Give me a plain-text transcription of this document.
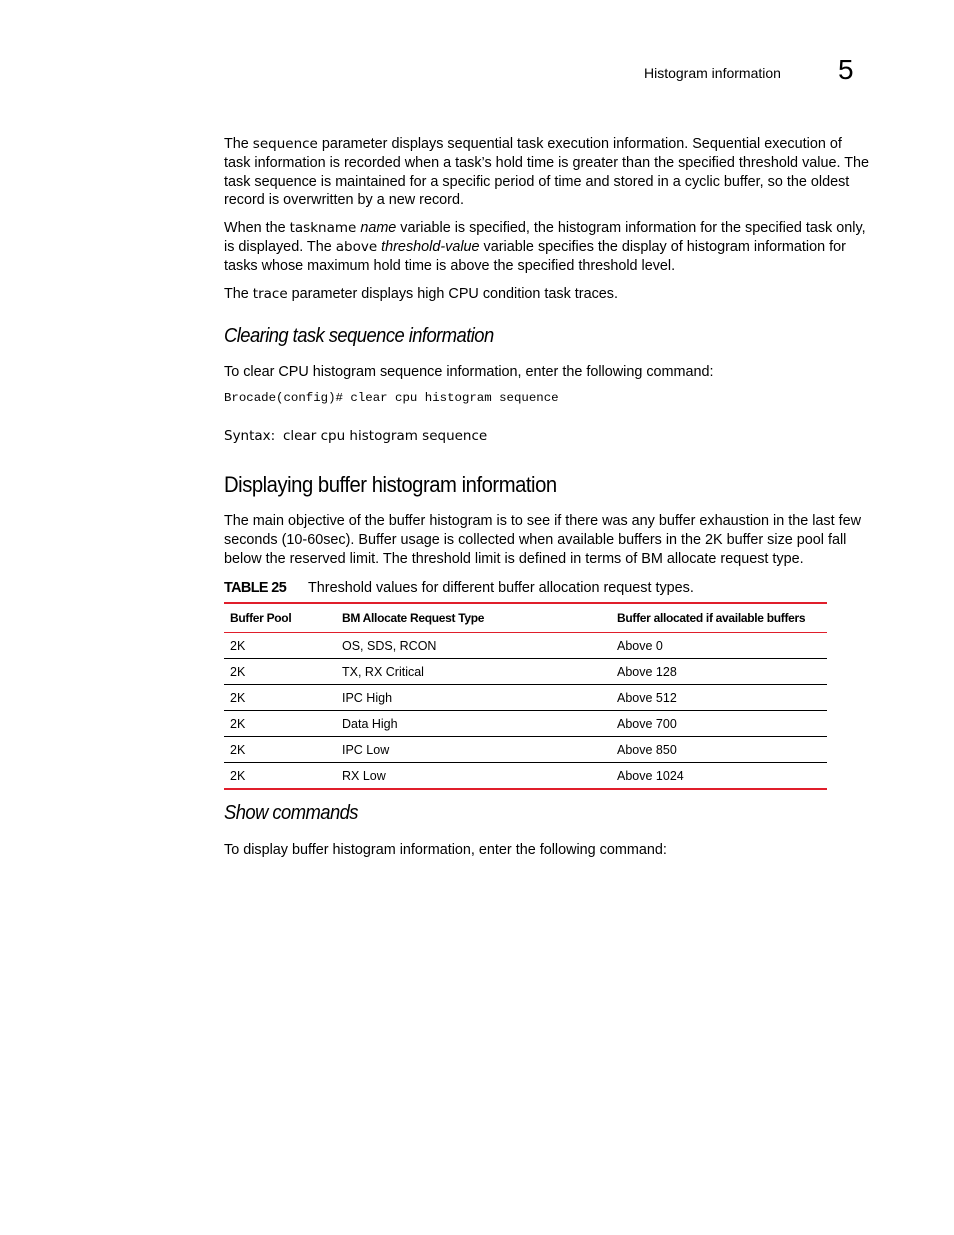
Histogram information 5

The sequence parameter displays sequential task execution information. Sequential execution of task information is recorded when a task’s hold time is greater than the specified threshold value. The task sequence is maintained for a specific period of time and stored in a cyclic buffer, so the oldest record is overwritten by a new record.

When the taskname name variable is specified, the histogram information for the specified task only, is displayed. The above threshold-value variable specifies the display of histogram information for tasks whose maximum hold time is above the specified threshold level.

The trace parameter displays high CPU condition task traces.

Clearing task sequence information

To clear CPU histogram sequence information, enter the following command:

Brocade(config)# clear cpu histogram sequence
Syntax: clear cpu histogram sequence
Displaying buffer histogram information

The main objective of the buffer histogram is to see if there was any buffer exhaustion in the last few seconds (10-60sec). Buffer usage is collected when available buffers in the 2K buffer size pool fall below the reserved limit. The threshold limit is defined in terms of BM allocate request type.

TABLE 25 Threshold values for different buffer allocation request types.
Buffer Pool	BM Allocate Request Type	Buffer allocated if available buffers
2K	OS, SDS, RCON	Above 0
2K	TX, RX Critical	Above 128
2K	IPC High	Above 512
2K	Data High	Above 700
2K	IPC Low	Above 850
2K	RX Low	Above 1024
Show commands

To display buffer histogram information, enter the following command:
